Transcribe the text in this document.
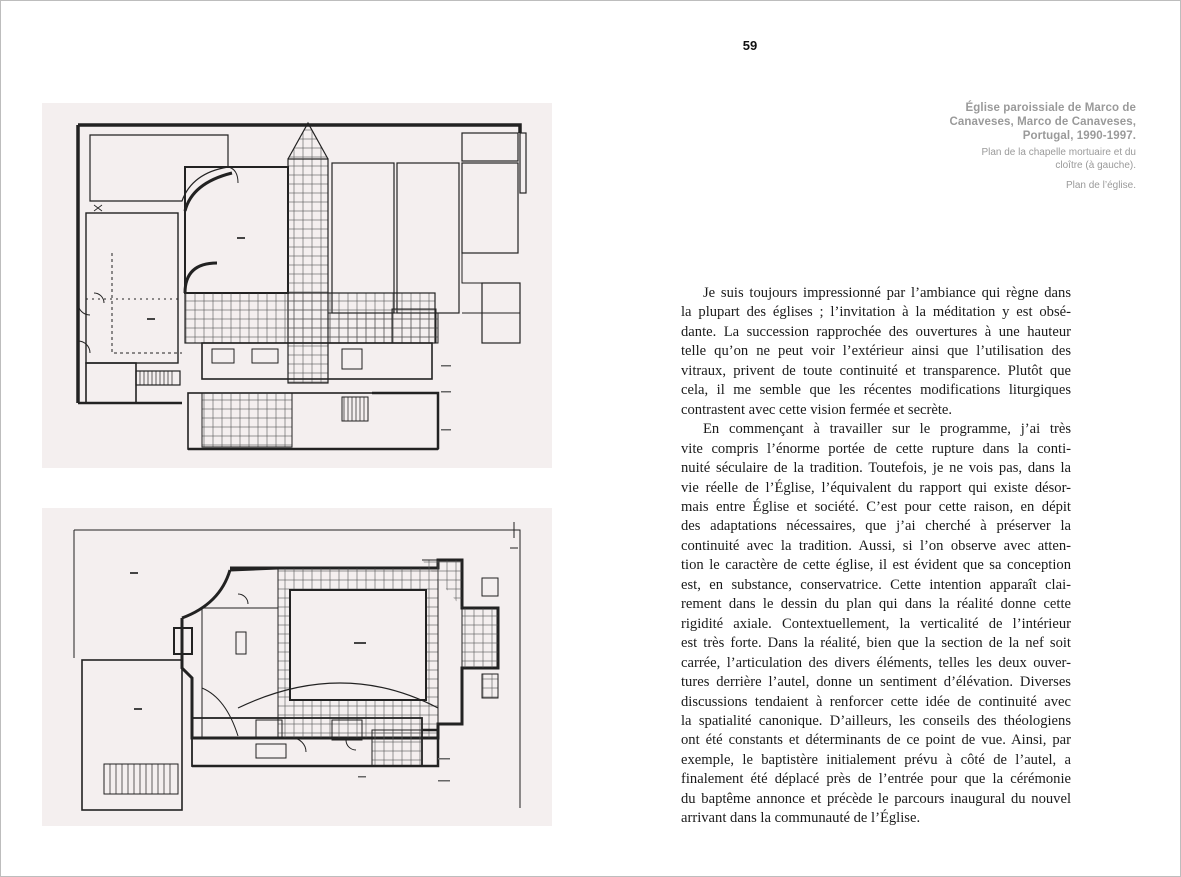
59
Église paroissiale de Marco de
Canaveses, Marco de Canaveses,
Portugal, 1990-1997.
Plan de la chapelle mortuaire et du
cloître (à gauche).
Plan de l’église.
Je suis toujours impressionné par l’ambiance qui règne dans
la plupart des églises ; l’invitation à la méditation y est obsé-
dante. La succession rapprochée des ouvertures à une hauteur
telle qu’on ne peut voir l’extérieur ainsi que l’utilisation des
vitraux, privent de toute continuité et transparence. Plutôt que
cela, il me semble que les récentes modifications liturgiques
contrastent avec cette vision fermée et secrète.
En commençant à travailler sur le programme, j’ai très
vite compris l’énorme portée de cette rupture dans la conti-
nuité séculaire de la tradition. Toutefois, je ne vois pas, dans la
vie réelle de l’Église, l’équivalent du rapport qui existe désor-
mais entre Église et société. C’est pour cette raison, en dépit
des adaptations nécessaires, que j’ai cherché à préserver la
continuité avec la tradition. Aussi, si l’on observe avec atten-
tion le caractère de cette église, il est évident que sa conception
est, en substance, conservatrice. Cette intention apparaît clai-
rement dans le dessin du plan qui dans la réalité donne cette
rigidité axiale. Contextuellement, la verticalité de l’intérieur
est très forte. Dans la réalité, bien que la section de la nef soit
carrée, l’articulation des divers éléments, telles les deux ouver-
tures derrière l’autel, donne un sentiment d’élévation. Diverses
discussions tendaient à renforcer cette idée de continuité avec
la spatialité canonique. D’ailleurs, les conseils des théologiens
ont été constants et déterminants de ce point de vue. Ainsi, par
exemple, le baptistère initialement prévu à côté de l’autel, a
finalement été déplacé près de l’entrée pour que la cérémonie
du baptême annonce et précède le parcours inaugural du nouvel
arrivant dans la communauté de l’Église.
